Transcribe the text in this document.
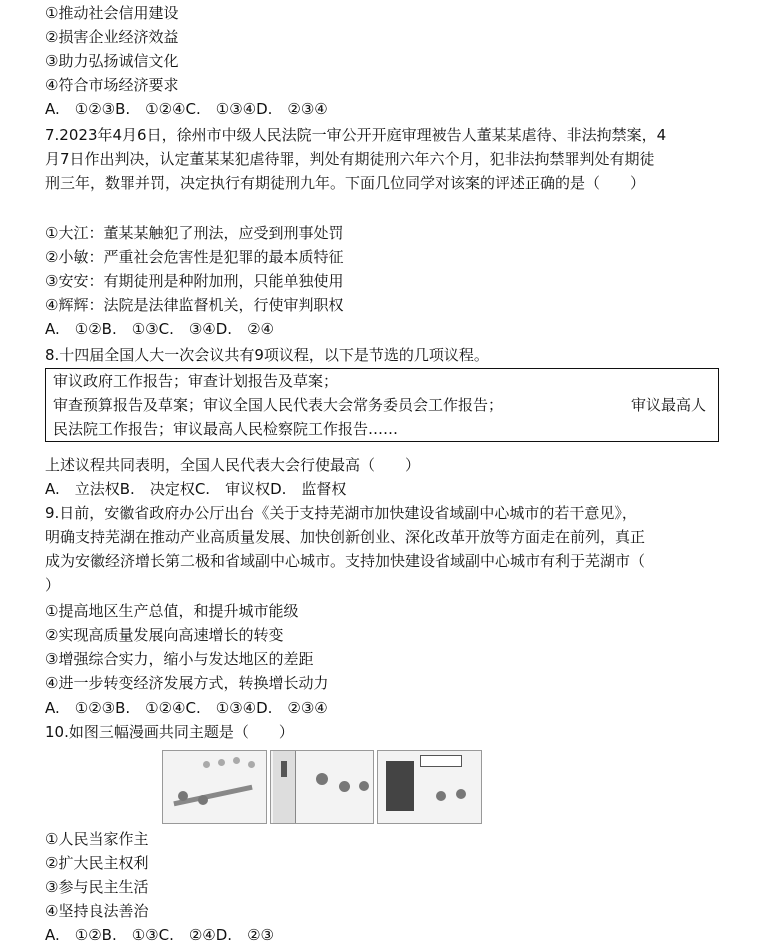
①推动社会信用建设
②损害企业经济效益
③助力弘扬诚信文化
④符合市场经济要求
A.　①②③B.　①②④C.　①③④D.　②③④
7.2023年4月6日，徐州市中级人民法院一审公开开庭审理被告人董某某虐待、非法拘禁案，4
月7日作出判决，认定董某某犯虐待罪，判处有期徒刑六年六个月，犯非法拘禁罪判处有期徒
刑三年，数罪并罚，决定执行有期徒刑九年。下面几位同学对该案的评述正确的是（　　）
①大江：董某某触犯了刑法，应受到刑事处罚
②小敏：严重社会危害性是犯罪的最本质特征
③安安：有期徒刑是种附加刑，只能单独使用
④辉辉：法院是法律监督机关，行使审判职权
A.　①②B.　①③C.　③④D.　②④
8.十四届全国人大一次会议共有9项议程，以下是节选的几项议程。
审议政府工作报告；审查计划报告及草案；
审查预算报告及草案；审议全国人民代表大会常务委员会工作报告；	审议最高人
民法院工作报告；审议最高人民检察院工作报告……
上述议程共同表明，全国人民代表大会行使最高（　　）
A.　立法权B.　决定权C.　审议权D.　监督权
9.日前，安徽省政府办公厅出台《关于支持芜湖市加快建设省域副中心城市的若干意见》，
明确支持芜湖在推动产业高质量发展、加快创新创业、深化改革开放等方面走在前列，真正
成为安徽经济增长第二极和省域副中心城市。支持加快建设省域副中心城市有利于芜湖市（
）
①提高地区生产总值，和提升城市能级
②实现高质量发展向高速增长的转变
③增强综合实力，缩小与发达地区的差距
④进一步转变经济发展方式，转换增长动力
A.　①②③B.　①②④C.　①③④D.　②③④
10.如图三幅漫画共同主题是（　　）
①人民当家作主
②扩大民主权利
③参与民主生活
④坚持良法善治
A.　①②B.　①③C.　②④D.　②③
